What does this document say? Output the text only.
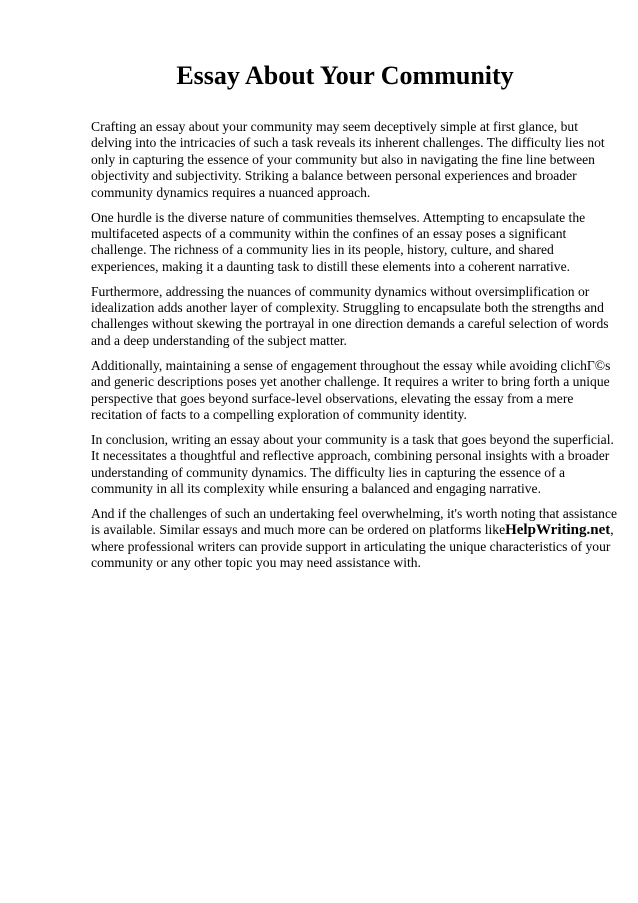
Essay About Your Community

Crafting an essay about your community may seem deceptively simple at first glance, but
delving into the intricacies of such a task reveals its inherent challenges. The difficulty lies not
only in capturing the essence of your community but also in navigating the fine line between
objectivity and subjectivity. Striking a balance between personal experiences and broader
community dynamics requires a nuanced approach.

One hurdle is the diverse nature of communities themselves. Attempting to encapsulate the
multifaceted aspects of a community within the confines of an essay poses a significant
challenge. The richness of a community lies in its people, history, culture, and shared
experiences, making it a daunting task to distill these elements into a coherent narrative.

Furthermore, addressing the nuances of community dynamics without oversimplification or
idealization adds another layer of complexity. Struggling to encapsulate both the strengths and
challenges without skewing the portrayal in one direction demands a careful selection of words
and a deep understanding of the subject matter.

Additionally, maintaining a sense of engagement throughout the essay while avoiding clichГ©s
and generic descriptions poses yet another challenge. It requires a writer to bring forth a unique
perspective that goes beyond surface-level observations, elevating the essay from a mere
recitation of facts to a compelling exploration of community identity.

In conclusion, writing an essay about your community is a task that goes beyond the superficial.
It necessitates a thoughtful and reflective approach, combining personal insights with a broader
understanding of community dynamics. The difficulty lies in capturing the essence of a
community in all its complexity while ensuring a balanced and engaging narrative.

And if the challenges of such an undertaking feel overwhelming, it's worth noting that assistance
is available. Similar essays and much more can be ordered on platforms likeHelpWriting.net,
where professional writers can provide support in articulating the unique characteristics of your
community or any other topic you may need assistance with.
